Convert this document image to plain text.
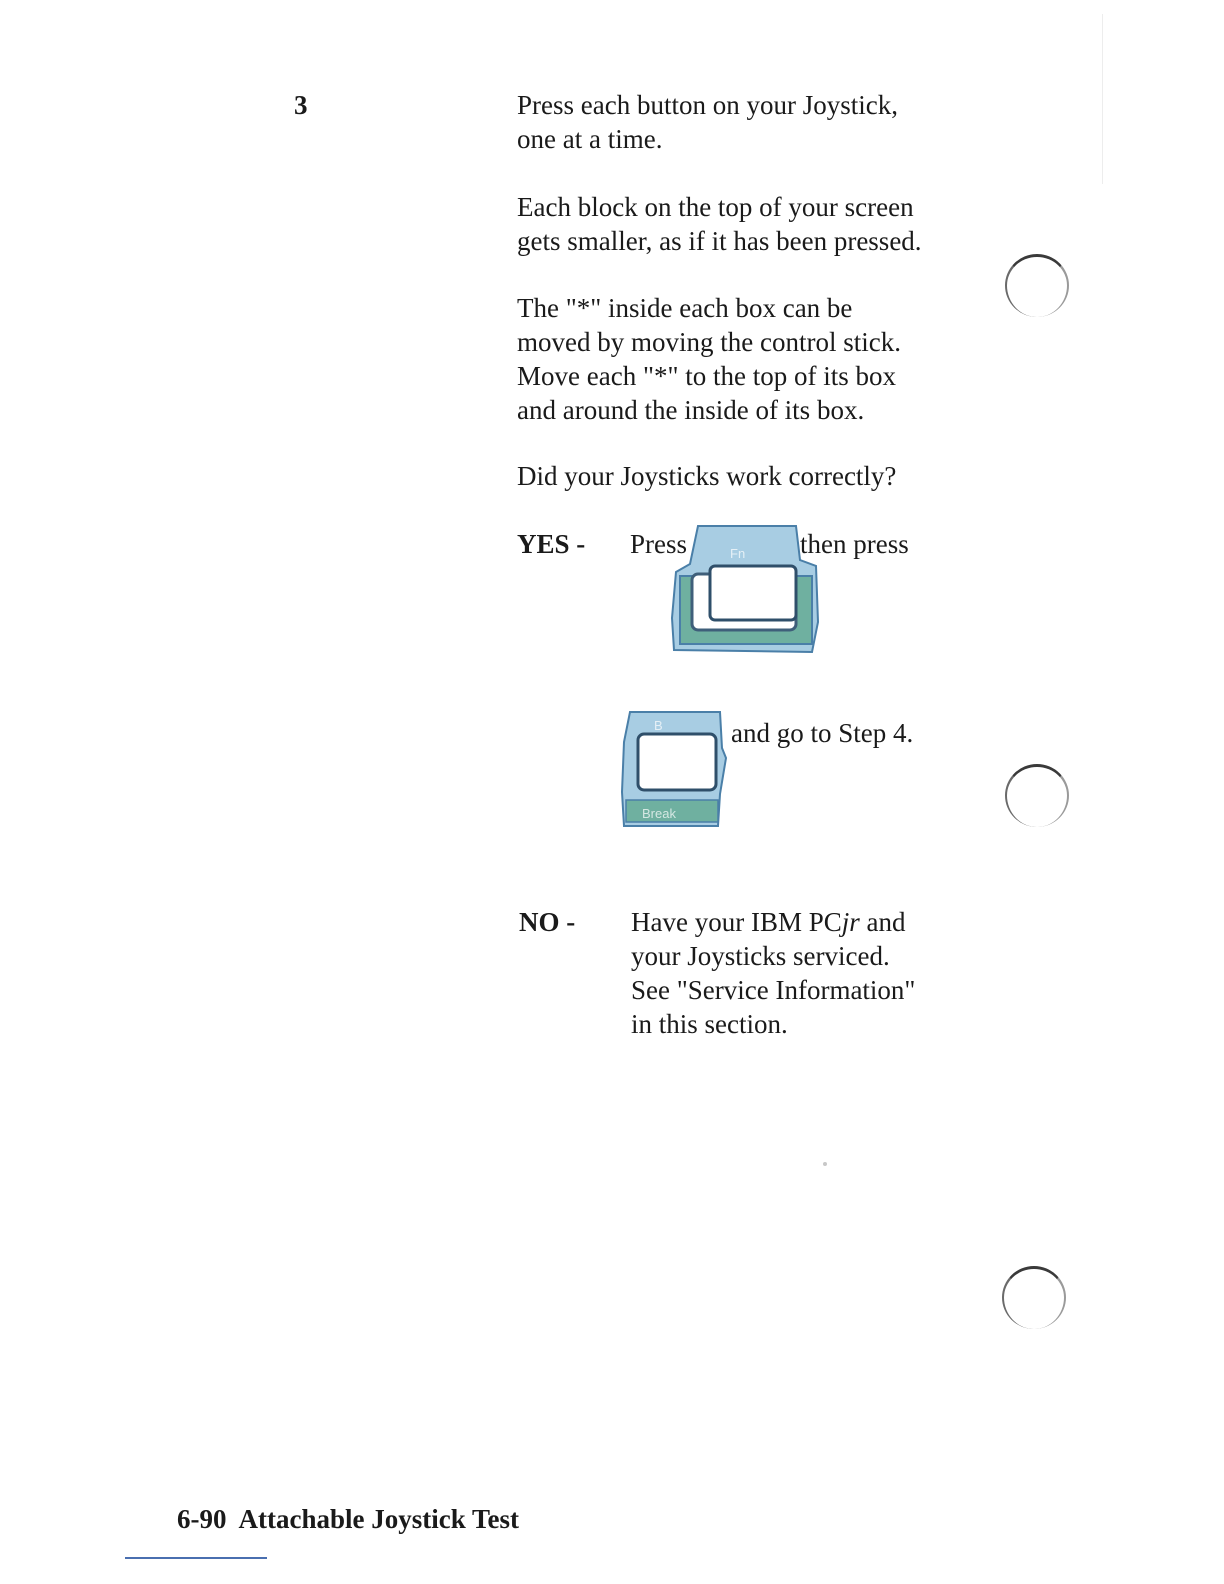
3	Press each button on your Joystick,
one at a time.
Each block on the top of your screen
gets smaller, as if it has been pressed.
The "*" inside each box can be
moved by moving the control stick.
Move each "*" to the top of its box
and around the inside of its box.
Did your Joysticks work correctly?
YES - Press	then press
Fn
B
Break
and go to Step 4.
NO - Have your IBM PCjr and
your Joysticks serviced.
See "Service Information"
in this section.
6-90 Attachable Joystick Test
